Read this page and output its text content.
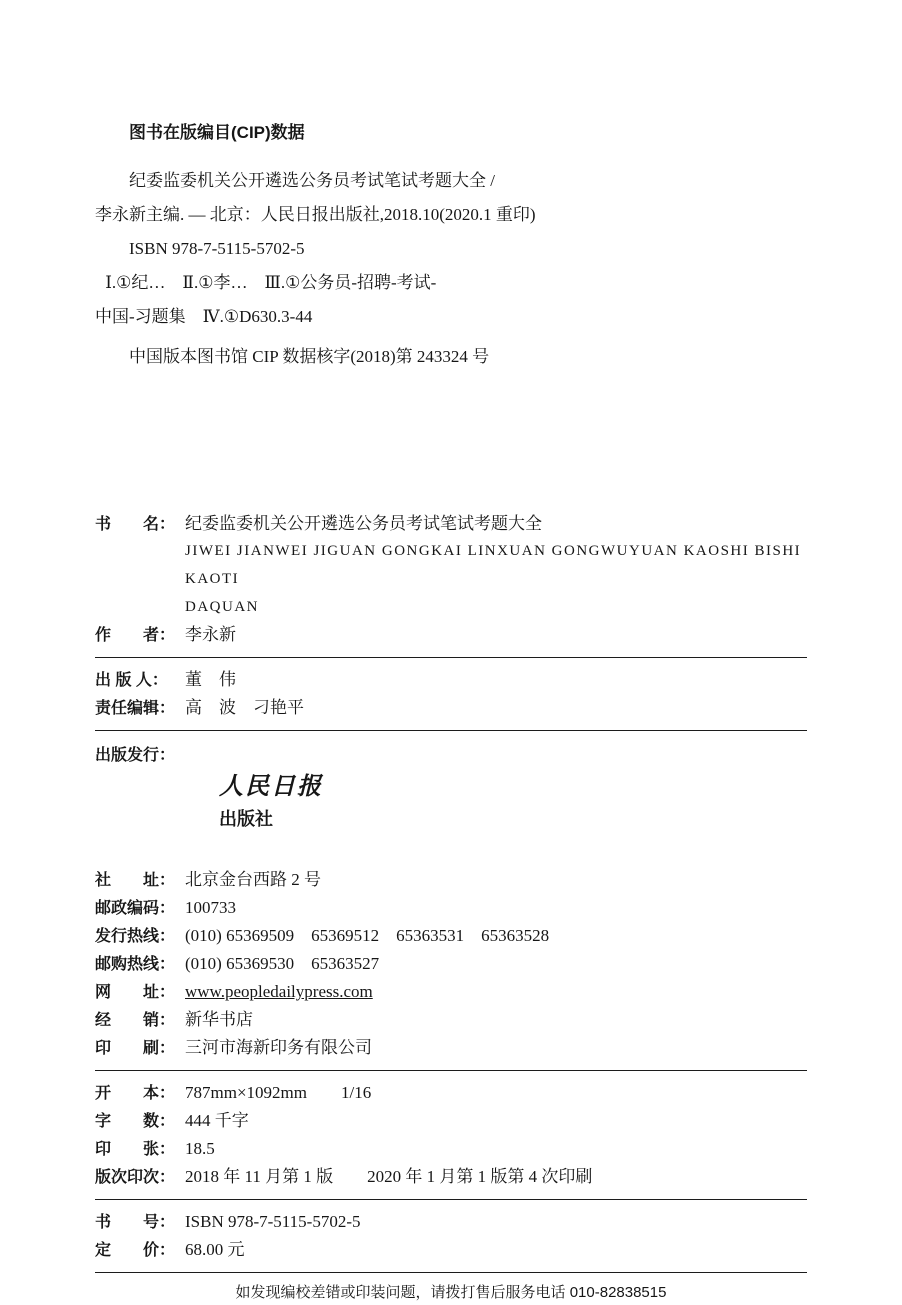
图书在版编目(CIP)数据

纪委监委机关公开遴选公务员考试笔试考题大全 /

李永新主编. — 北京：人民日报出版社,2018.10(2020.1 重印)

ISBN 978-7-5115-5702-5

Ⅰ.①纪…　Ⅱ.①李…　Ⅲ.①公务员-招聘-考试-

中国-习题集　Ⅳ.①D630.3-44

中国版本图书馆 CIP 数据核字(2018)第 243324 号

书　　名： 纪委监委机关公开遴选公务员考试笔试考题大全
JIWEI JIANWEI JIGUAN GONGKAI LINXUAN GONGWUYUAN KAOSHI BISHI KAOTI
DAQUAN
作　　者： 李永新
出 版 人：	董　伟
责任编辑： 高　波　刁艳平
出版发行：

人民日报
出版社

社　　址： 北京金台西路 2 号
邮政编码： 100733
发行热线： (010) 65369509　65369512　65363531　65363528
邮购热线： (010) 65369530　65363527
网　　址： www.peopledailypress.com
经　　销： 新华书店
印　　刷： 三河市海新印务有限公司
开　　本： 787mm×1092mm　　1/16
字　　数： 444 千字
印　　张： 18.5
版次印次： 2018 年 11 月第 1 版　　2020 年 1 月第 1 版第 4 次印刷
书　　号： ISBN 978-7-5115-5702-5
定　　价： 68.00 元

如发现编校差错或印装问题，请拨打售后服务电话 010-82838515
